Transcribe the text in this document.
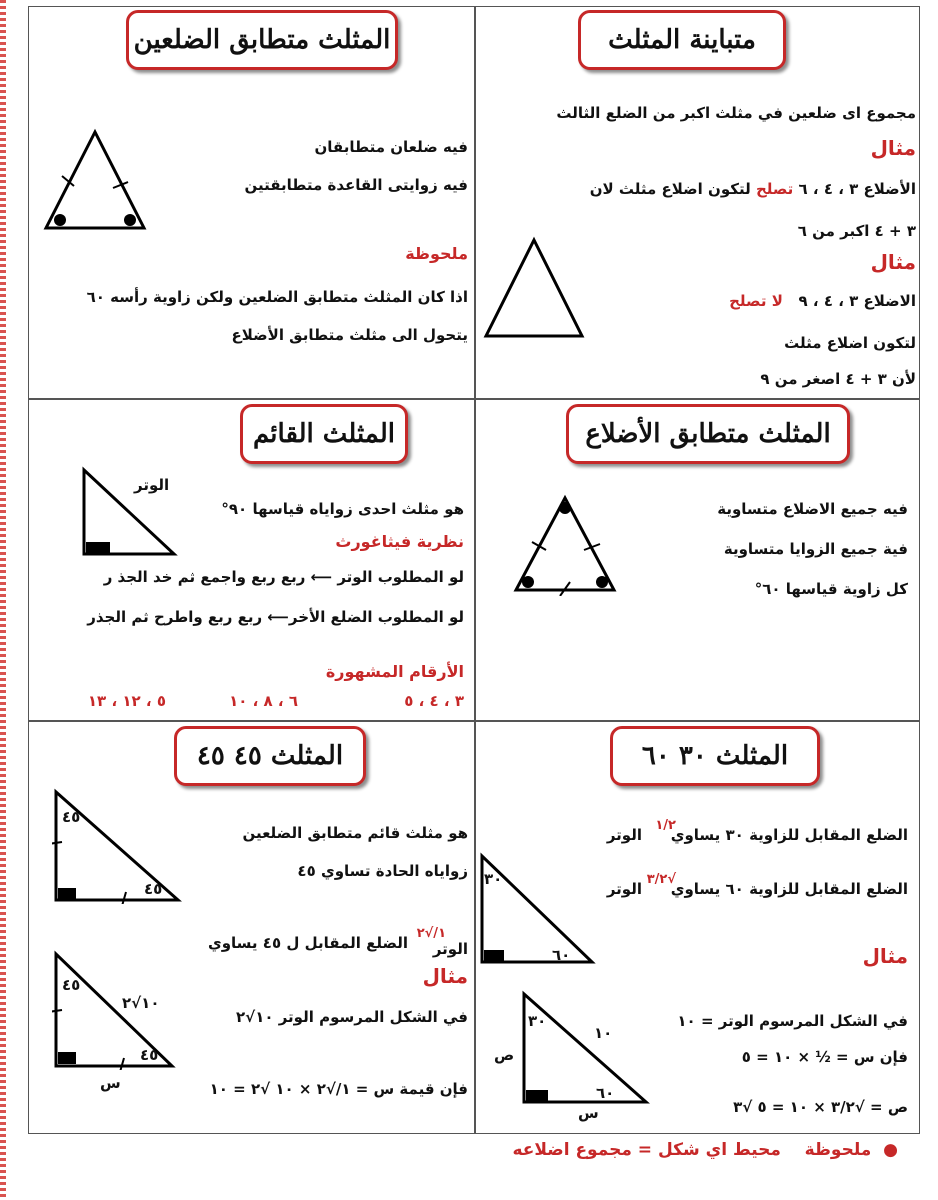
متباينة المثلث
مجموع اى ضلعين في مثلث اكبر من الضلع الثالث
مثال
الأضلاع ٣ ، ٤ ، ٦ تصلح لتكون اضلاع مثلث لان
٣ + ٤ اكبر من ٦
مثال
الاضلاع ٣ ، ٤ ، ٩   لا تصلح
لتكون اضلاع مثلث
لأن ٣ + ٤ اصغر من ٩
المثلث متطابق الضلعين
فيه ضلعان متطابقان
فيه زوايتى القاعدة متطابقتين
ملحوظة
اذا كان المثلث متطابق الضلعين ولكن زاوية رأسه ٦٠
يتحول الى مثلث متطابق الأضلاع
المثلث متطابق الأضلاع
فيه جميع الاضلاع متساوية
فية جميع الزوايا متساوية
كل زاوية قياسها ٦٠°
المثلث القائم
الوتر
هو مثلث احدى زواياه قياسها ٩٠°
نظرية فيثاغورث
لو المطلوب الوتر ⟵ ربع ربع واجمع ثم خد الجذ ر
لو المطلوب الضلع الأخر⟵ ربع ربع واطرح ثم الجذر
الأرقام المشهورة
٣ ، ٤ ، ٥
٦ ، ٨ ، ١٠
٥ ، ١٢ ، ١٣
المثلث ٣٠ ٦٠
الضلع المقابل للزاوية ٣٠ يساوي
١/٢
الوتر
الضلع المقابل للزاوية ٦٠ يساوي
√٣/٢
الوتر
مثال
في الشكل المرسوم الوتر = ١٠
فإن س = ½ × ١٠ = ٥
ص = √٣/٢ × ١٠ = ٥ √٣
٣٠
٦٠
٣٠
١٠
٦٠
ص
س
المثلث ٤٥ ٤٥
هو مثلث قائم متطابق الضلعين
زواياه الحادة تساوي ٤٥
الضلع المقابل ل ٤٥ يساوي
١/√٢
الوتر
مثال
في الشكل المرسوم الوتر ١٠√٢
فإن قيمة س = ١/√٢ × ١٠ √٢ = ١٠
٤٥
٤٥
٤٥
٤٥
١٠√٢
س
●  ملحوظة    محيط اي شكل = مجموع اضلاعه
